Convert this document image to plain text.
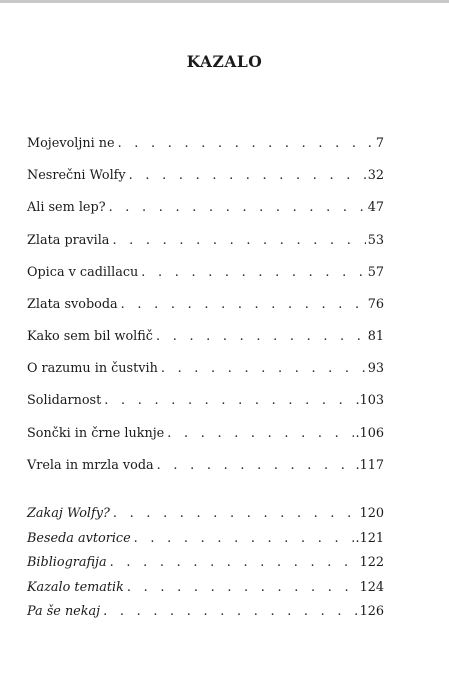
KAZALO
Mojevoljni ne . . .	. 7
Nesrečni Wolfy . . .	32
Ali sem lep? . . .	47
Zlata pravila . . .	53
Opica v cadillacu . . .	57
Zlata svoboda . . .	76
Kako sem bil wolfič . . .	81
O razumu in čustvih . . .	93
Solidarnost . . .	.103
Sončki in črne luknje . . .	.106
Vrela in mrzla voda . . .	.117
Zakaj Wolfy? . . .	120
Beseda avtorice . . .	.121
Bibliografija . . .	122
Kazalo tematik . . .	124
Pa še nekaj . . .	126
